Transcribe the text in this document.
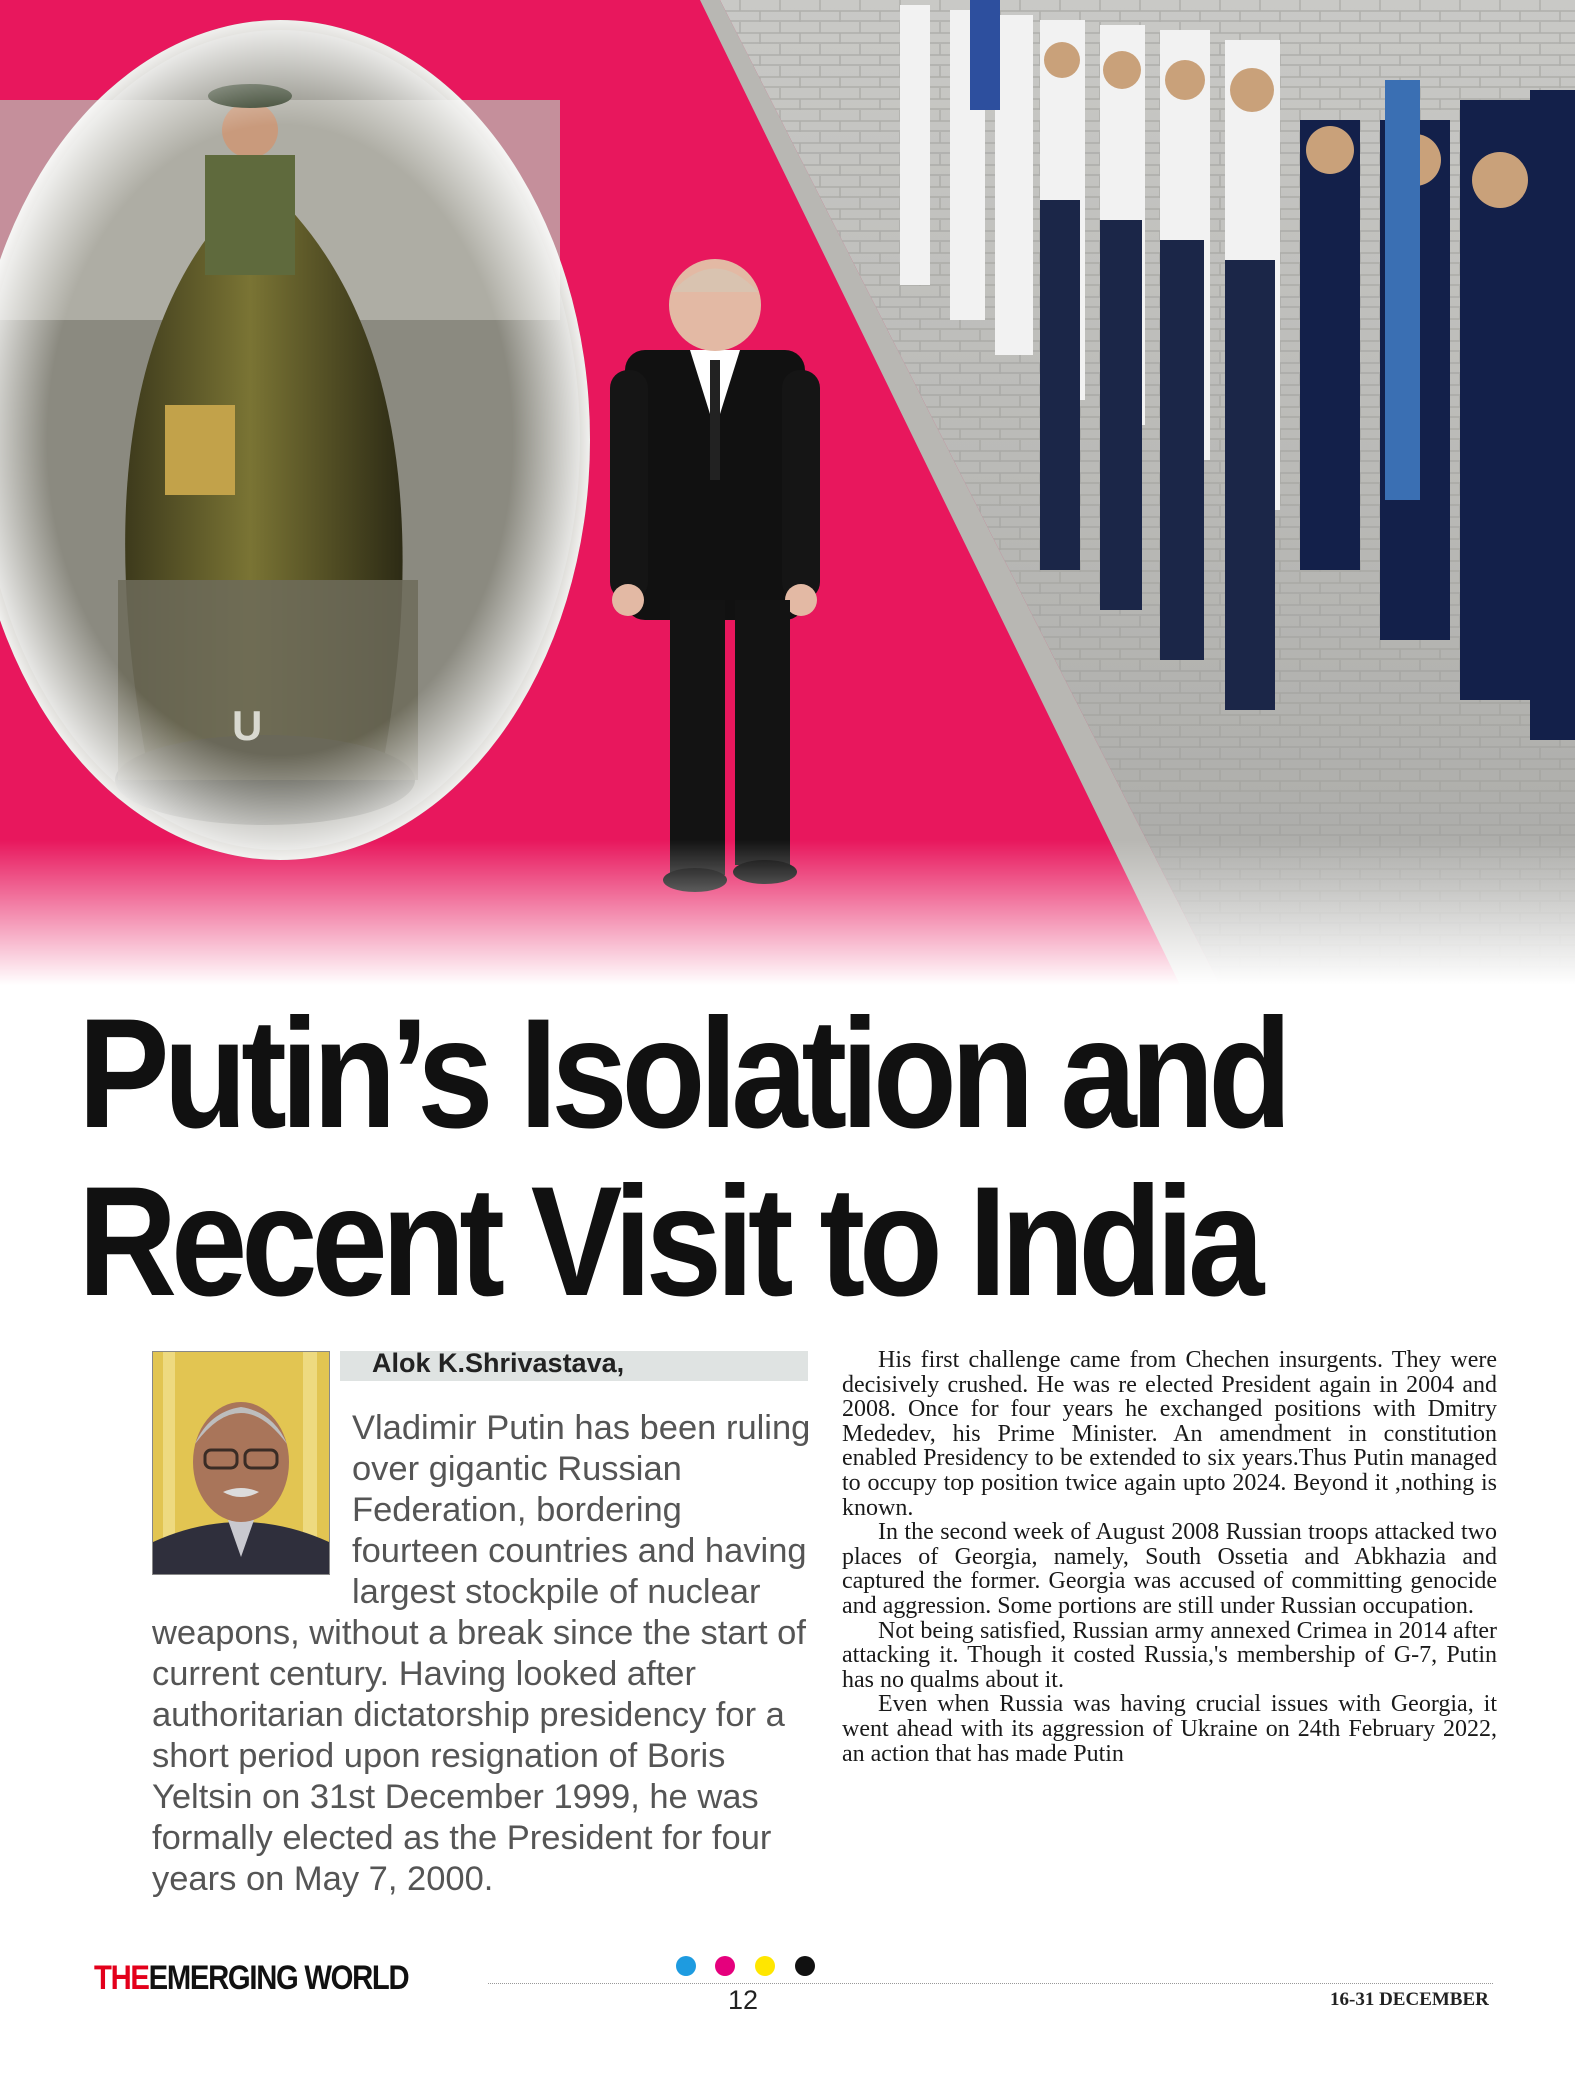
Putin’s Isolation and
Recent Visit to India
Alok K.Shrivastava,

Vladimir Putin has been ruling over gigantic Russian Federation, bordering fourteen countries and having largest stockpile of nuclear weapons, without a break since the start of current century. Having looked after authoritarian dictatorship presidency for a short period upon resignation of Boris Yeltsin on 31st December 1999, he was formally elected as the President for four years on May 7, 2000.

His first challenge came from Chechen insurgents. They were decisively crushed. He was re elected President again in 2004 and 2008. Once for four years he exchanged positions with Dmitry Mededev, his Prime Minister. An amendment in constitution enabled Presidency to be extended to six years.Thus Putin managed to occupy top position twice again upto 2024. Beyond it ,nothing is known.

In the second week of August 2008 Russian troops attacked two places of Georgia, namely, South Ossetia and Abkhazia and captured the former. Georgia was accused of committing genocide and aggression. Some portions are still under Russian occupation.

Not being satisfied, Russian army annexed Crimea in 2014 after attacking it. Though it costed Russia,'s membership of G-7, Putin has no qualms about it.

Even when Russia was having crucial issues with Georgia, it went ahead with its aggression of Ukraine on 24th February 2022, an action that has made Putin

THEEMERGING WORLD
12	16-31 DECEMBER
